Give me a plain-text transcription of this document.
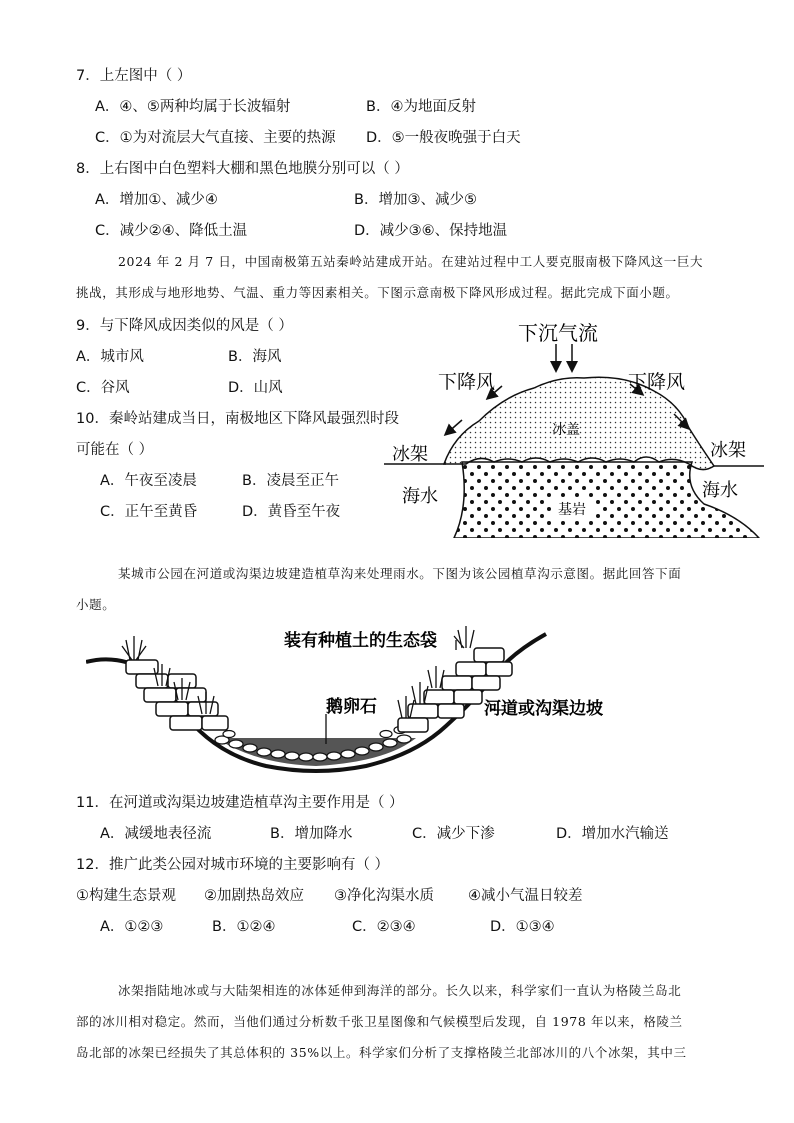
7．上左图中（ ）
A．④、⑤两种均属于长波辐射	B．④为地面反射
C．①为对流层大气直接、主要的热源 D．⑤一般夜晚强于白天
8．上右图中白色塑料大棚和黑色地膜分别可以（ ）
A．增加①、减少④	B．增加③、减少⑤
C．减少②④、降低土温	D．减少③⑥、保持地温
2024 年 2 月 7 日，中国南极第五站秦岭站建成开站。在建站过程中工人要克服南极下降风这一巨大
挑战，其形成与地形地势、气温、重力等因素相关。下图示意南极下降风形成过程。据此完成下面小题。
9．与下降风成因类似的风是（ ）
A．城市风	B．海风
C．谷风	D．山风
10．秦岭站建成当日，南极地区下降风最强烈时段
可能在（ ）
A．午夜至凌晨	B．凌晨至正午
C．正午至黄昏	D．黄昏至午夜
下沉气流
下降风	下降风
冰盖
冰架	冰架
海水	海水
基岩
某城市公园在河道或沟渠边坡建造植草沟来处理雨水。下图为该公园植草沟示意图。据此回答下面
小题。
装有种植土的生态袋
鹅卵石	河道或沟渠边坡
11．在河道或沟渠边坡建造植草沟主要作用是（ ）
A．减缓地表径流	B．增加降水	C．减少下渗	D．增加水汽输送
12．推广此类公园对城市环境的主要影响有（ ）
①构建生态景观 ②加剧热岛效应 ③净化沟渠水质 ④减小气温日较差
A．①②③	B．①②④	C．②③④	D．①③④
冰架指陆地冰或与大陆架相连的冰体延伸到海洋的部分。长久以来，科学家们一直认为格陵兰岛北
部的冰川相对稳定。然而，当他们通过分析数千张卫星图像和气候模型后发现，自 1978 年以来，格陵兰
岛北部的冰架已经损失了其总体积的 35%以上。科学家们分析了支撑格陵兰北部冰川的八个冰架，其中三
